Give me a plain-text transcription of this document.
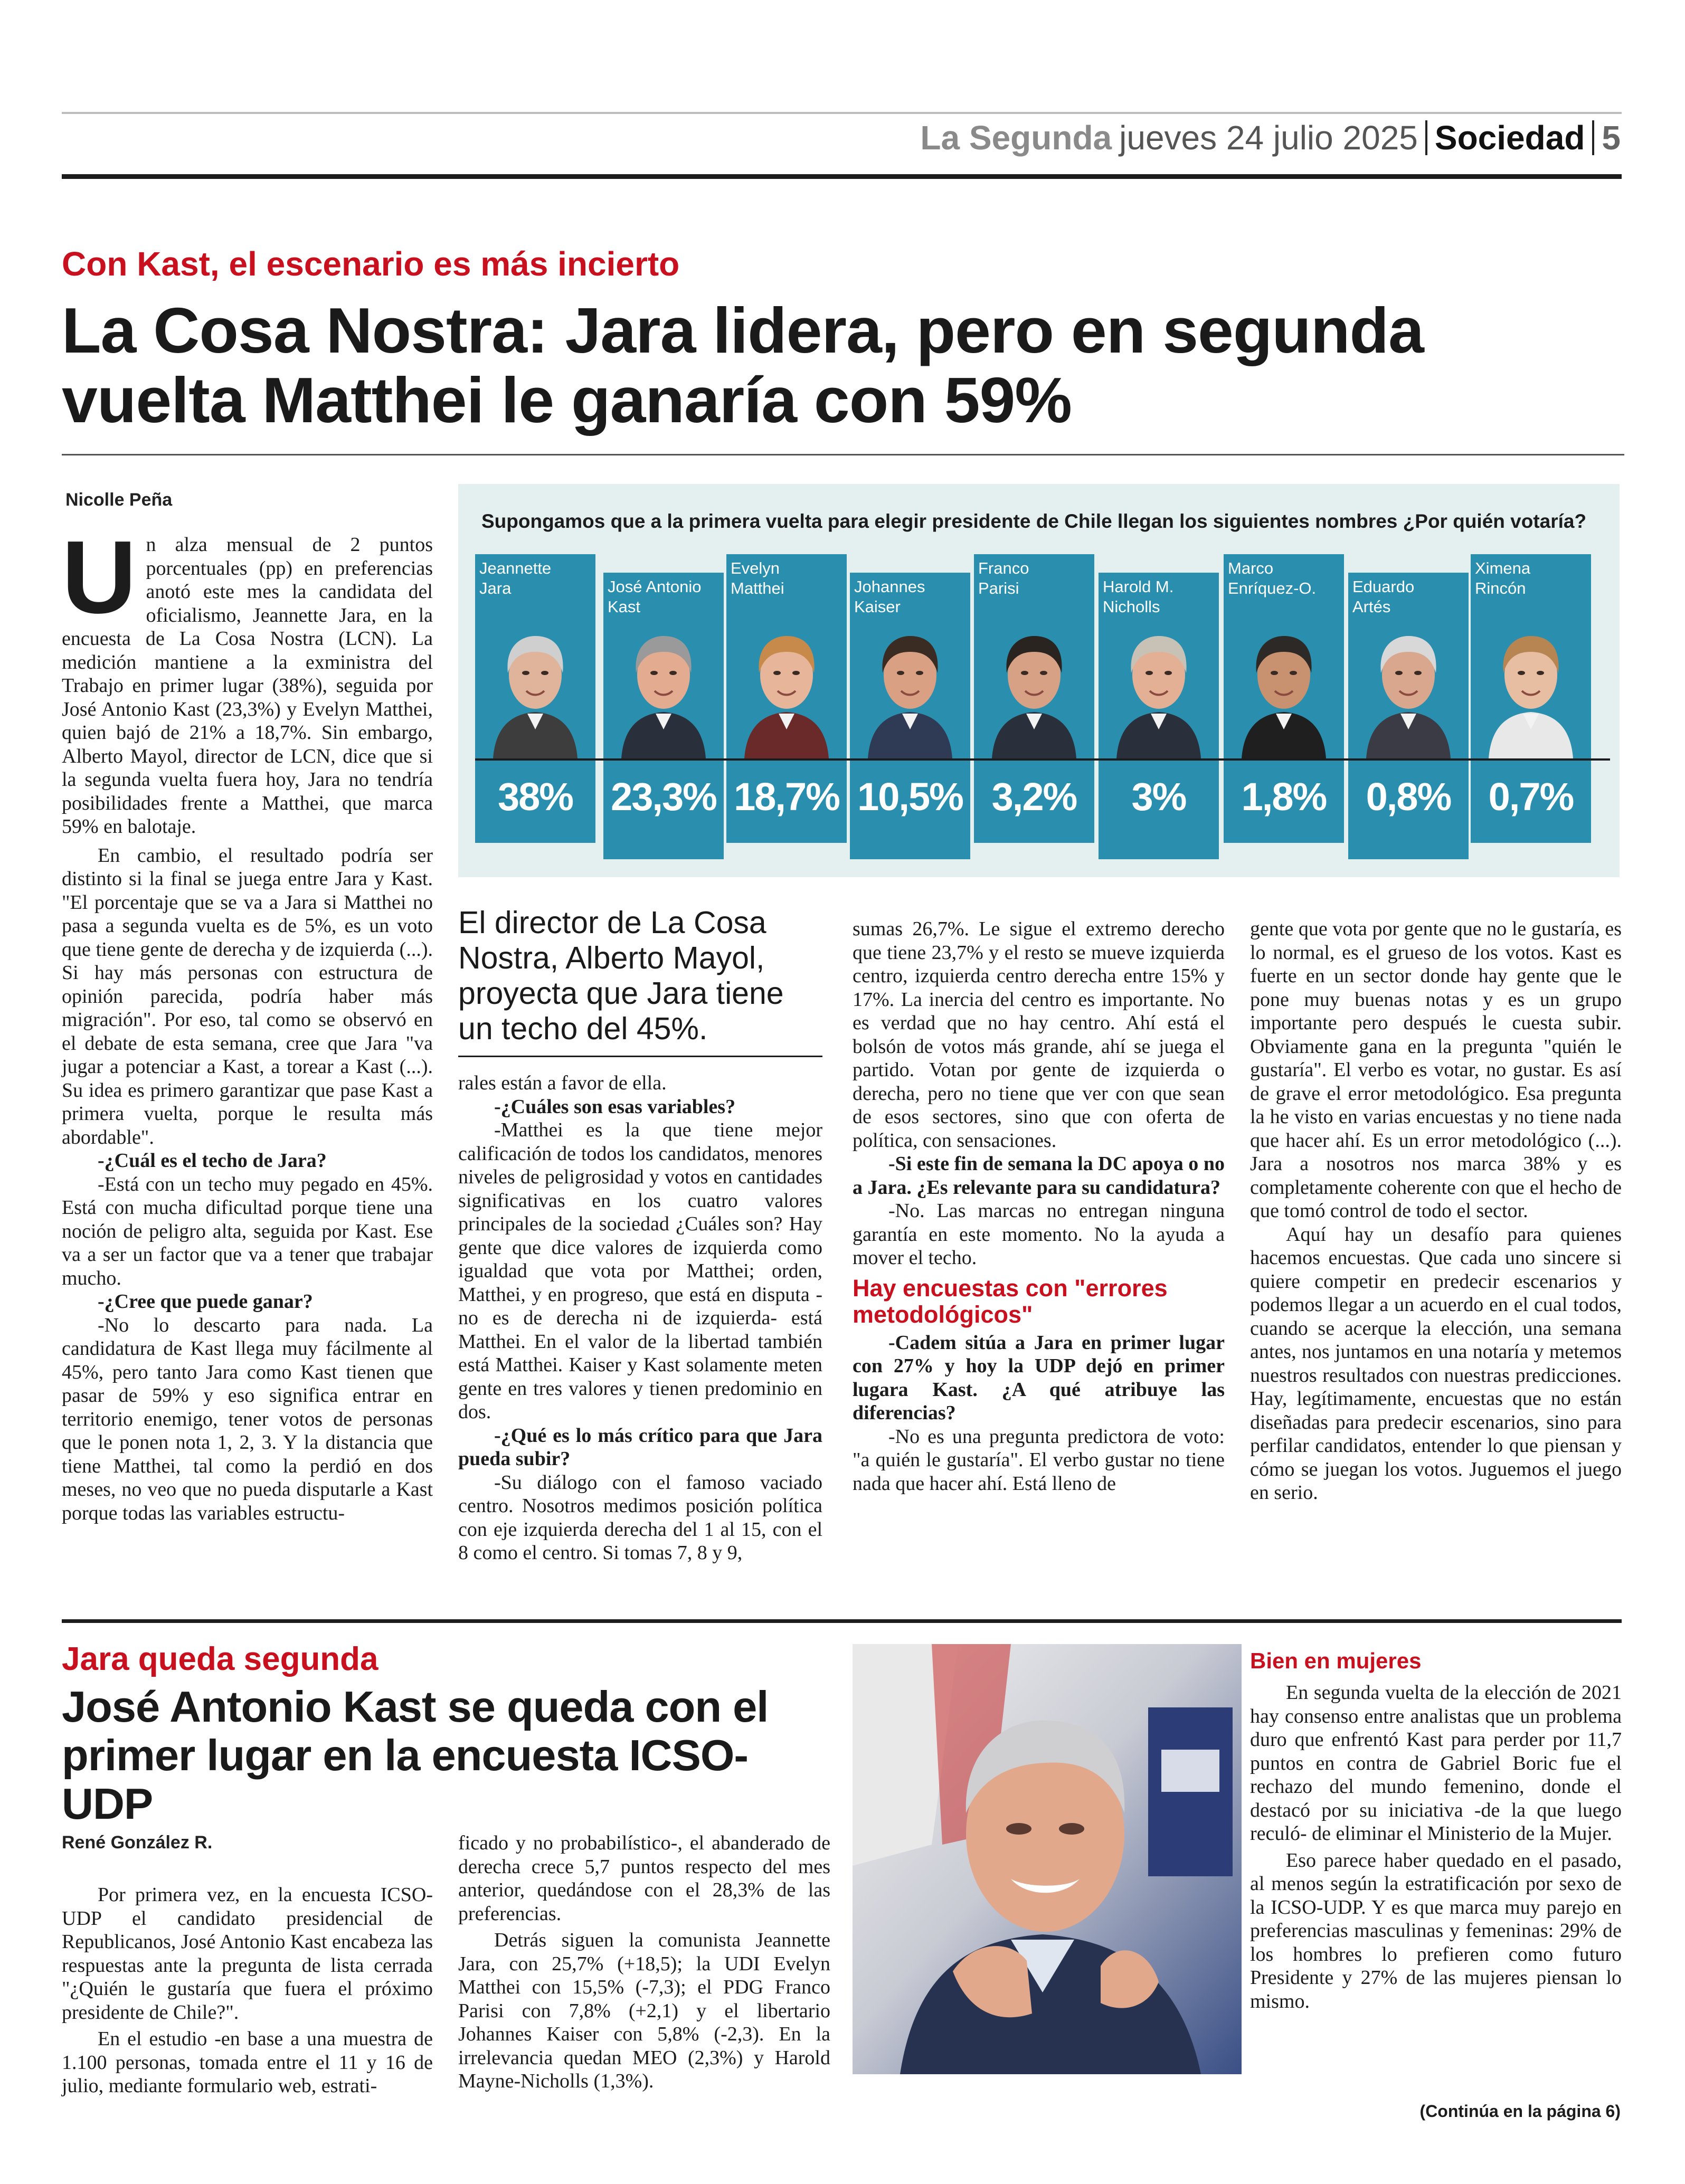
La Segunda jueves 24 julio 2025 Sociedad 5
Con Kast, el escenario es más incierto
La Cosa Nostra: Jara lidera, pero en segunda
vuelta Matthei le ganaría con 59%
Nicolle Peña

Un alza mensual de 2 puntos porcentuales (pp) en preferencias anotó este mes la candidata del oficialismo, Jeannette Jara, en la encuesta de La Cosa Nostra (LCN). La medición mantiene a la exministra del Trabajo en primer lugar (38%), seguida por José Antonio Kast (23,3%) y Evelyn Matthei, quien bajó de 21% a 18,7%. Sin embargo, Alberto Mayol, director de LCN, dice que si la segunda vuelta fuera hoy, Jara no tendría posibilidades frente a Matthei, que marca 59% en balotaje.

En cambio, el resultado podría ser distinto si la final se juega entre Jara y Kast. "El porcentaje que se va a Jara si Matthei no pasa a segunda vuelta es de 5%, es un voto que tiene gente de derecha y de izquierda (...). Si hay más personas con estructura de opinión parecida, podría haber más migración". Por eso, tal como se observó en el debate de esta semana, cree que Jara "va jugar a potenciar a Kast, a torear a Kast (...). Su idea es primero garantizar que pase Kast a primera vuelta, porque le resulta más abordable".

-¿Cuál es el techo de Jara?

-Está con un techo muy pegado en 45%. Está con mucha dificultad porque tiene una noción de peligro alta, seguida por Kast. Ese va a ser un factor que va a tener que trabajar mucho.

-¿Cree que puede ganar?

-No lo descarto para nada. La candidatura de Kast llega muy fácilmente al 45%, pero tanto Jara como Kast tienen que pasar de 59% y eso significa entrar en territorio enemigo, tener votos de personas que le ponen nota 1, 2, 3. Y la distancia que tiene Matthei, tal como la perdió en dos meses, no veo que no pueda disputarle a Kast porque todas las variables estructu-

Supongamos que a la primera vuelta para elegir presidente de Chile llegan los siguientes nombres ¿Por quién votaría?
Jeannette
Jara
38%
José Antonio
Kast
23,3%
Evelyn
Matthei
18,7%
Johannes
Kaiser
10,5%
Franco
Parisi
3,2%
Harold M.
Nicholls
3%
Marco
Enríquez-O.
1,8%
Eduardo
Artés
0,8%
Ximena
Rincón
0,7%
El director de La Cosa Nostra, Alberto Mayol, proyecta que Jara tiene un techo del 45%.

rales están a favor de ella.

-¿Cuáles son esas variables?

-Matthei es la que tiene mejor calificación de todos los candidatos, menores niveles de peligrosidad y votos en cantidades significativas en los cuatro valores principales de la sociedad ¿Cuáles son? Hay gente que dice valores de izquierda como igualdad que vota por Matthei; orden, Matthei, y en progreso, que está en disputa -no es de derecha ni de izquierda- está Matthei. En el valor de la libertad también está Matthei. Kaiser y Kast solamente meten gente en tres valores y tienen predominio en dos.

-¿Qué es lo más crítico para que Jara pueda subir?

-Su diálogo con el famoso vaciado centro. Nosotros medimos posición política con eje izquierda derecha del 1 al 15, con el 8 como el centro. Si tomas 7, 8 y 9,

sumas 26,7%. Le sigue el extremo derecho que tiene 23,7% y el resto se mueve izquierda centro, izquierda centro derecha entre 15% y 17%. La inercia del centro es importante. No es verdad que no hay centro. Ahí está el bolsón de votos más grande, ahí se juega el partido. Votan por gente de izquierda o derecha, pero no tiene que ver con que sean de esos sectores, sino que con oferta de política, con sensaciones.

-Si este fin de semana la DC apoya o no a Jara. ¿Es relevante para su candidatura?

-No. Las marcas no entregan ninguna garantía en este momento. No la ayuda a mover el techo.

Hay encuestas con "errores metodológicos"

-Cadem sitúa a Jara en primer lugar con 27% y hoy la UDP dejó en primer lugara Kast. ¿A qué atribuye las diferencias?

-No es una pregunta predictora de voto: "a quién le gustaría". El verbo gustar no tiene nada que hacer ahí. Está lleno de

gente que vota por gente que no le gustaría, es lo normal, es el grueso de los votos. Kast es fuerte en un sector donde hay gente que le pone muy buenas notas y es un grupo importante pero después le cuesta subir. Obviamente gana en la pregunta "quién le gustaría". El verbo es votar, no gustar. Es así de grave el error metodológico. Esa pregunta la he visto en varias encuestas y no tiene nada que hacer ahí. Es un error metodológico (...). Jara a nosotros nos marca 38% y es completamente coherente con que el hecho de que tomó control de todo el sector.

Aquí hay un desafío para quienes hacemos encuestas. Que cada uno sincere si quiere competir en predecir escenarios y podemos llegar a un acuerdo en el cual todos, cuando se acerque la elección, una semana antes, nos juntamos en una notaría y metemos nuestros resultados con nuestras predicciones. Hay, legítimamente, encuestas que no están diseñadas para predecir escenarios, sino para perfilar candidatos, entender lo que piensan y cómo se juegan los votos. Juguemos el juego en serio.

Jara queda segunda
José Antonio Kast se queda con el
primer lugar en la encuesta ICSO-UDP
René González R.

Por primera vez, en la encuesta ICSO-UDP el candidato presidencial de Republicanos, José Antonio Kast encabeza las respuestas ante la pregunta de lista cerrada "¿Quién le gustaría que fuera el próximo presidente de Chile?".

En el estudio -en base a una muestra de 1.100 personas, tomada entre el 11 y 16 de julio, mediante formulario web, estrati-

ficado y no probabilístico-, el abanderado de derecha crece 5,7 puntos respecto del mes anterior, quedándose con el 28,3% de las preferencias.

Detrás siguen la comunista Jeannette Jara, con 25,7% (+18,5); la UDI Evelyn Matthei con 15,5% (-7,3); el PDG Franco Parisi con 7,8% (+2,1) y el libertario Johannes Kaiser con 5,8% (-2,3). En la irrelevancia quedan MEO (2,3%) y Harold Mayne-Nicholls (1,3%).

Bien en mujeres

En segunda vuelta de la elección de 2021 hay consenso entre analistas que un problema duro que enfrentó Kast para perder por 11,7 puntos en contra de Gabriel Boric fue el rechazo del mundo femenino, donde el destacó por su iniciativa -de la que luego reculó- de eliminar el Ministerio de la Mujer.

Eso parece haber quedado en el pasado, al menos según la estratificación por sexo de la ICSO-UDP. Y es que marca muy parejo en preferencias masculinas y femeninas: 29% de los hombres lo prefieren como futuro Presidente y 27% de las mujeres piensan lo mismo.

(Continúa en la página 6)
